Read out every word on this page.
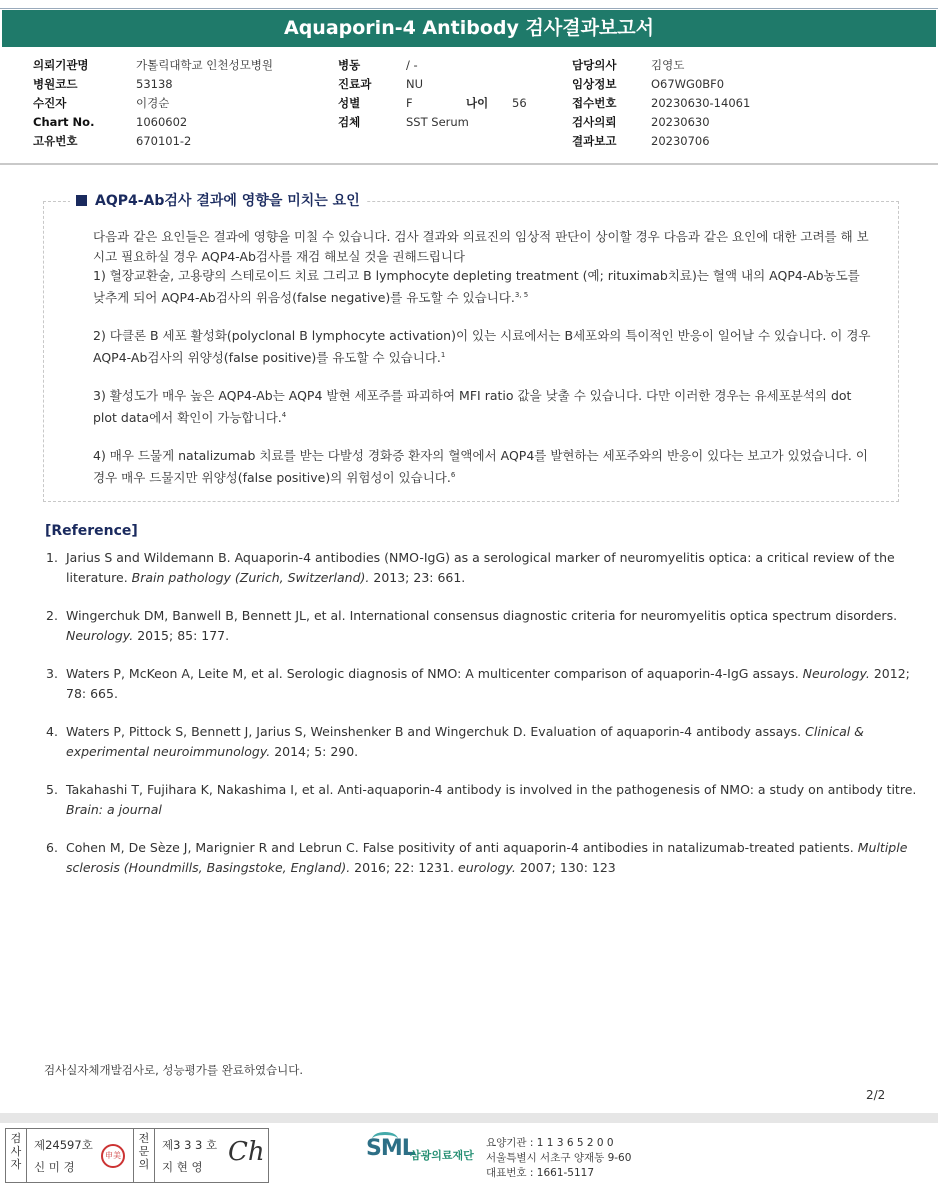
Aquaporin-4 Antibody 검사결과보고서
의뢰기관명	가톨릭대학교 인천성모병원
병원코드	53138
수진자	이경순
Chart No.	1060602
고유번호	670101-2
병동	/ -
진료과	NU
성별	F	나이	56
검체	SST Serum
담당의사	김영도
임상정보	O67WG0BF0
접수번호	20230630-14061
검사의뢰	20230630
결과보고	20230706
AQP4-Ab검사 결과에 영향을 미치는 요인

다음과 같은 요인들은 결과에 영향을 미칠 수 있습니다. 검사 결과와 의료진의 임상적 판단이 상이할 경우 다음과 같은 요인에 대한 고려를 해 보시고 필요하실 경우 AQP4-Ab검사를 재검 해보실 것을 권해드립니다
1) 혈장교환술, 고용량의 스테로이드 치료 그리고 B lymphocyte depleting treatment (예; rituximab치료)는 혈액 내의 AQP4-Ab농도를 낮추게 되어 AQP4-Ab검사의 위음성(false negative)를 유도할 수 있습니다.$^{3, 5}$

2) 다클론 B 세포 활성화(polyclonal B lymphocyte activation)이 있는 시료에서는 B세포와의 특이적인 반응이 일어날 수 있습니다. 이 경우 AQP4-Ab검사의 위양성(false positive)를 유도할 수 있습니다.$^1$

3) 활성도가 매우 높은 AQP4-Ab는 AQP4 발현 세포주를 파괴하여 MFI ratio 값을 낮출 수 있습니다. 다만 이러한 경우는 유세포분석의 dot plot data에서 확인이 가능합니다.$^4$

4) 매우 드물게 natalizumab 치료를 받는 다발성 경화증 환자의 혈액에서 AQP4를 발현하는 세포주와의 반응이 있다는 보고가 있었습니다. 이 경우 매우 드물지만 위양성(false positive)의 위험성이 있습니다.$^6$

[Reference]
1. Jarius S and Wildemann B. Aquaporin-4 antibodies (NMO-IgG) as a serological marker of neuromyelitis optica: a critical review of the literature. Brain pathology (Zurich, Switzerland). 2013; 23: 661.
2. Wingerchuk DM, Banwell B, Bennett JL, et al. International consensus diagnostic criteria for neuromyelitis optica spectrum disorders. Neurology. 2015; 85: 177.
3. Waters P, McKeon A, Leite M, et al. Serologic diagnosis of NMO: A multicenter comparison of aquaporin-4-IgG assays. Neurology. 2012; 78: 665.
4. Waters P, Pittock S, Bennett J, Jarius S, Weinshenker B and Wingerchuk D. Evaluation of aquaporin-4 antibody assays. Clinical & experimental neuroimmunology. 2014; 5: 290.
5. Takahashi T, Fujihara K, Nakashima I, et al. Anti-aquaporin-4 antibody is involved in the pathogenesis of NMO: a study on antibody titre. Brain: a journal
6. Cohen M, De Sèze J, Marignier R and Lebrun C. False positivity of anti aquaporin-4 antibodies in natalizumab-treated patients. Multiple sclerosis (Houndmills, Basingstoke, England). 2016; 22: 1231. eurology. 2007; 130: 123
검사실자체개발검사로, 성능평가를 완료하였습니다.
2/2
검사자
제24597호
신 미 경
申美
전문의
제3 3 3 호
지 현 영 Ch	SML
삼광의료재단
요양기관 : 1 1 3 6 5 2 0 0
서울특별시 서초구 양재동 9-60
대표번호 : 1661-5117
